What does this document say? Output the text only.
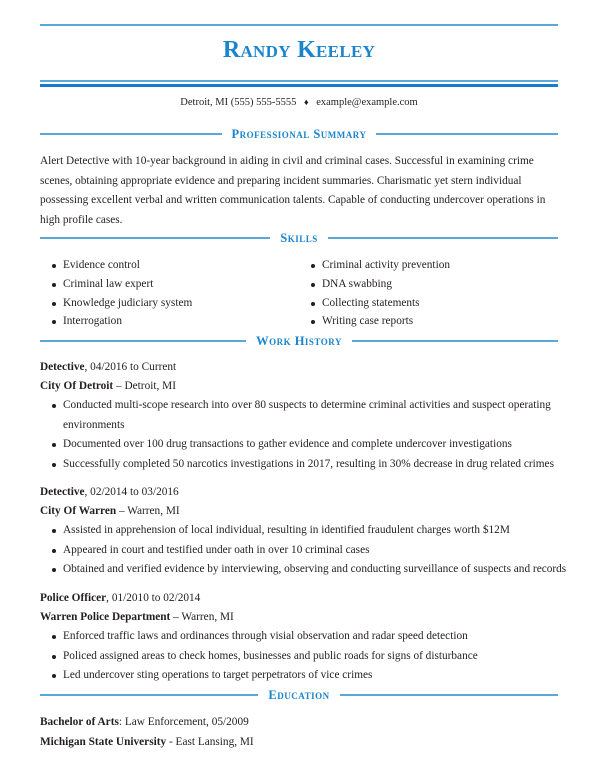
Randy Keeley
Detroit, MI (555) 555-5555 ♦ example@example.com
Professional Summary
Alert Detective with 10-year background in aiding in civil and criminal cases. Successful in examining crime scenes, obtaining appropriate evidence and preparing incident summaries. Charismatic yet stern individual possessing excellent verbal and written communication talents. Capable of conducting undercover operations in high profile cases.
Skills
Evidence control
Criminal law expert
Knowledge judiciary system
Interrogation
Criminal activity prevention
DNA swabbing
Collecting statements
Writing case reports
Work History
Detective, 04/2016 to Current
City Of Detroit – Detroit, MI
Conducted multi-scope research into over 80 suspects to determine criminal activities and suspect operating environments
Documented over 100 drug transactions to gather evidence and complete undercover investigations
Successfully completed 50 narcotics investigations in 2017, resulting in 30% decrease in drug related crimes
Detective, 02/2014 to 03/2016
City Of Warren – Warren, MI
Assisted in apprehension of local individual, resulting in identified fraudulent charges worth $12M
Appeared in court and testified under oath in over 10 criminal cases
Obtained and verified evidence by interviewing, observing and conducting surveillance of suspects and records
Police Officer, 01/2010 to 02/2014
Warren Police Department – Warren, MI
Enforced traffic laws and ordinances through visial observation and radar speed detection
Policed assigned areas to check homes, businesses and public roads for signs of disturbance
Led undercover sting operations to target perpetrators of vice crimes
Education
Bachelor of Arts: Law Enforcement, 05/2009
Michigan State University - East Lansing, MI
